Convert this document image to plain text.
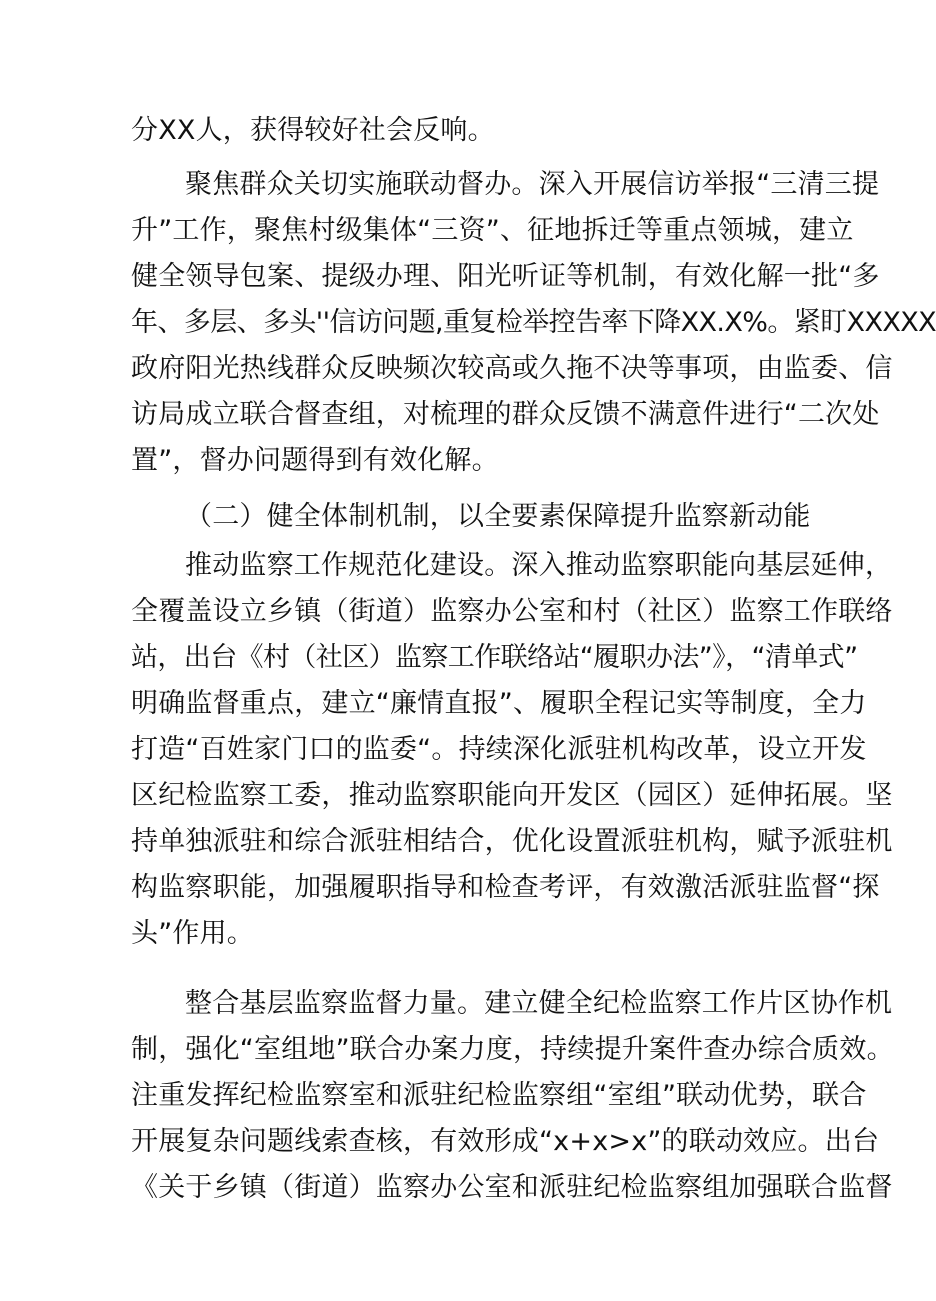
分XX人，获得较好社会反响。
聚焦群众关切实施联动督办。深入开展信访举报“三清三提
升”工作，聚焦村级集体“三资”、征地拆迁等重点领城，建立
健全领导包案、提级办理、阳光听证等机制，有效化解一批“多
年、多层、多头''信访问题,重复检举控告率下降XX.X%。紧盯XXXXX
政府阳光热线群众反映频次较高或久拖不决等事项，由监委、信
访局成立联合督查组，对梳理的群众反馈不满意件进行“二次处
置”，督办问题得到有效化解。
（二）健全体制机制，以全要素保障提升监察新动能
推动监察工作规范化建设。深入推动监察职能向基层延伸，
全覆盖设立乡镇（街道）监察办公室和村（社区）监察工作联络
站，出台《村（社区）监察工作联络站“履职办法”》，“清单式”
明确监督重点，建立“廉情直报”、履职全程记实等制度，全力
打造“百姓家门口的监委“。持续深化派驻机构改革，设立开发
区纪检监察工委，推动监察职能向开发区（园区）延伸拓展。坚
持单独派驻和综合派驻相结合，优化设置派驻机构，赋予派驻机
构监察职能，加强履职指导和检查考评，有效激活派驻监督“探
头”作用。
整合基层监察监督力量。建立健全纪检监察工作片区协作机
制，强化“室组地”联合办案力度，持续提升案件查办综合质效。
注重发挥纪检监察室和派驻纪检监察组“室组”联动优势，联合
开展复杂问题线索查核，有效形成“x+x>x”的联动效应。出台
《关于乡镇（街道）监察办公室和派驻纪检监察组加强联合监督
